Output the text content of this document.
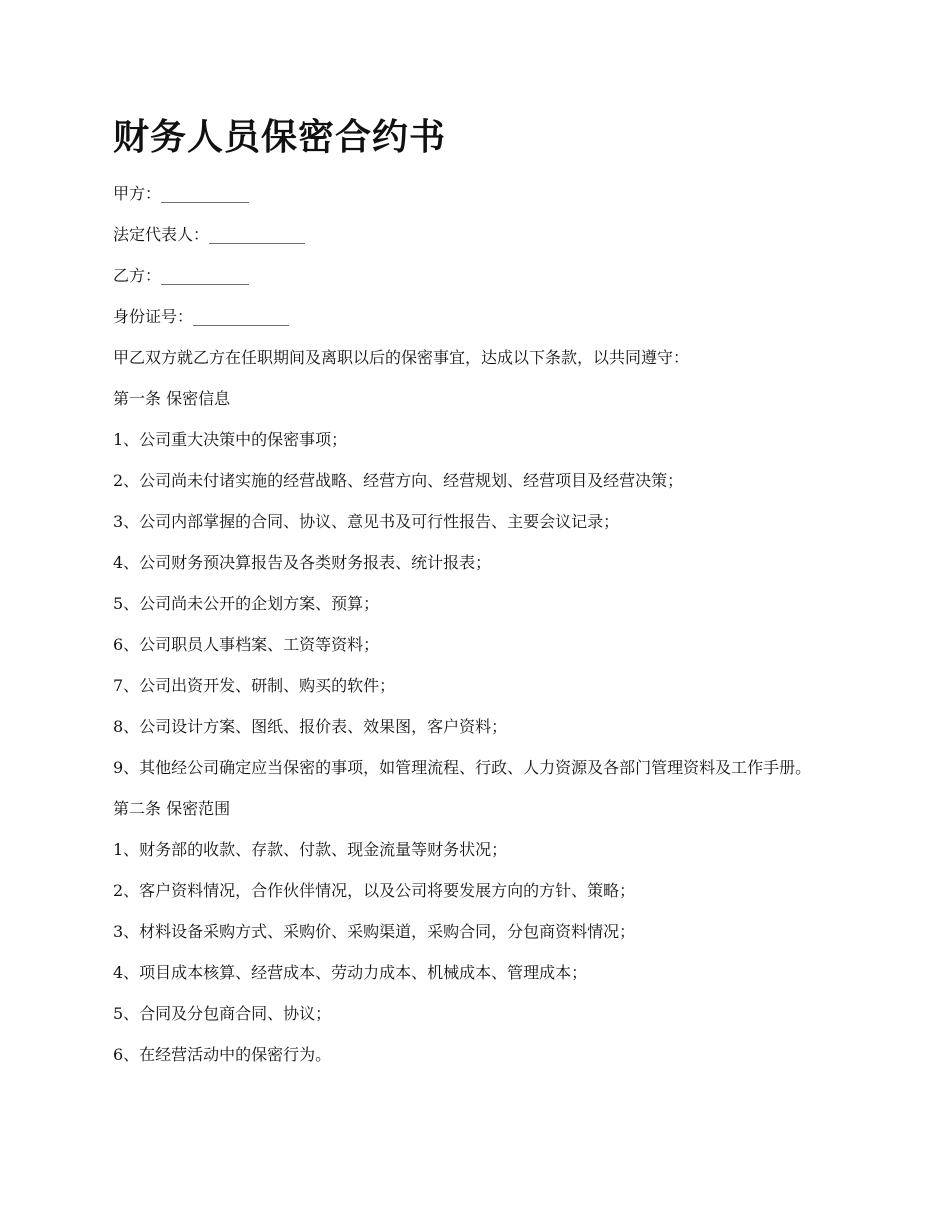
财务人员保密合约书

甲方：___________

法定代表人：____________

乙方：___________

身份证号：____________

甲乙双方就乙方在任职期间及离职以后的保密事宜，达成以下条款，以共同遵守：

第一条 保密信息

1、公司重大决策中的保密事项；

2、公司尚未付诸实施的经营战略、经营方向、经营规划、经营项目及经营决策；

3、公司内部掌握的合同、协议、意见书及可行性报告、主要会议记录；

4、公司财务预决算报告及各类财务报表、统计报表；

5、公司尚未公开的企划方案、预算；

6、公司职员人事档案、工资等资料；

7、公司出资开发、研制、购买的软件；

8、公司设计方案、图纸、报价表、效果图，客户资料；

9、其他经公司确定应当保密的事项，如管理流程、行政、人力资源及各部门管理资料及工作手册。

第二条 保密范围

1、财务部的收款、存款、付款、现金流量等财务状况；

2、客户资料情况，合作伙伴情况，以及公司将要发展方向的方针、策略；

3、材料设备采购方式、采购价、采购渠道，采购合同，分包商资料情况；

4、项目成本核算、经营成本、劳动力成本、机械成本、管理成本；

5、合同及分包商合同、协议；

6、在经营活动中的保密行为。
